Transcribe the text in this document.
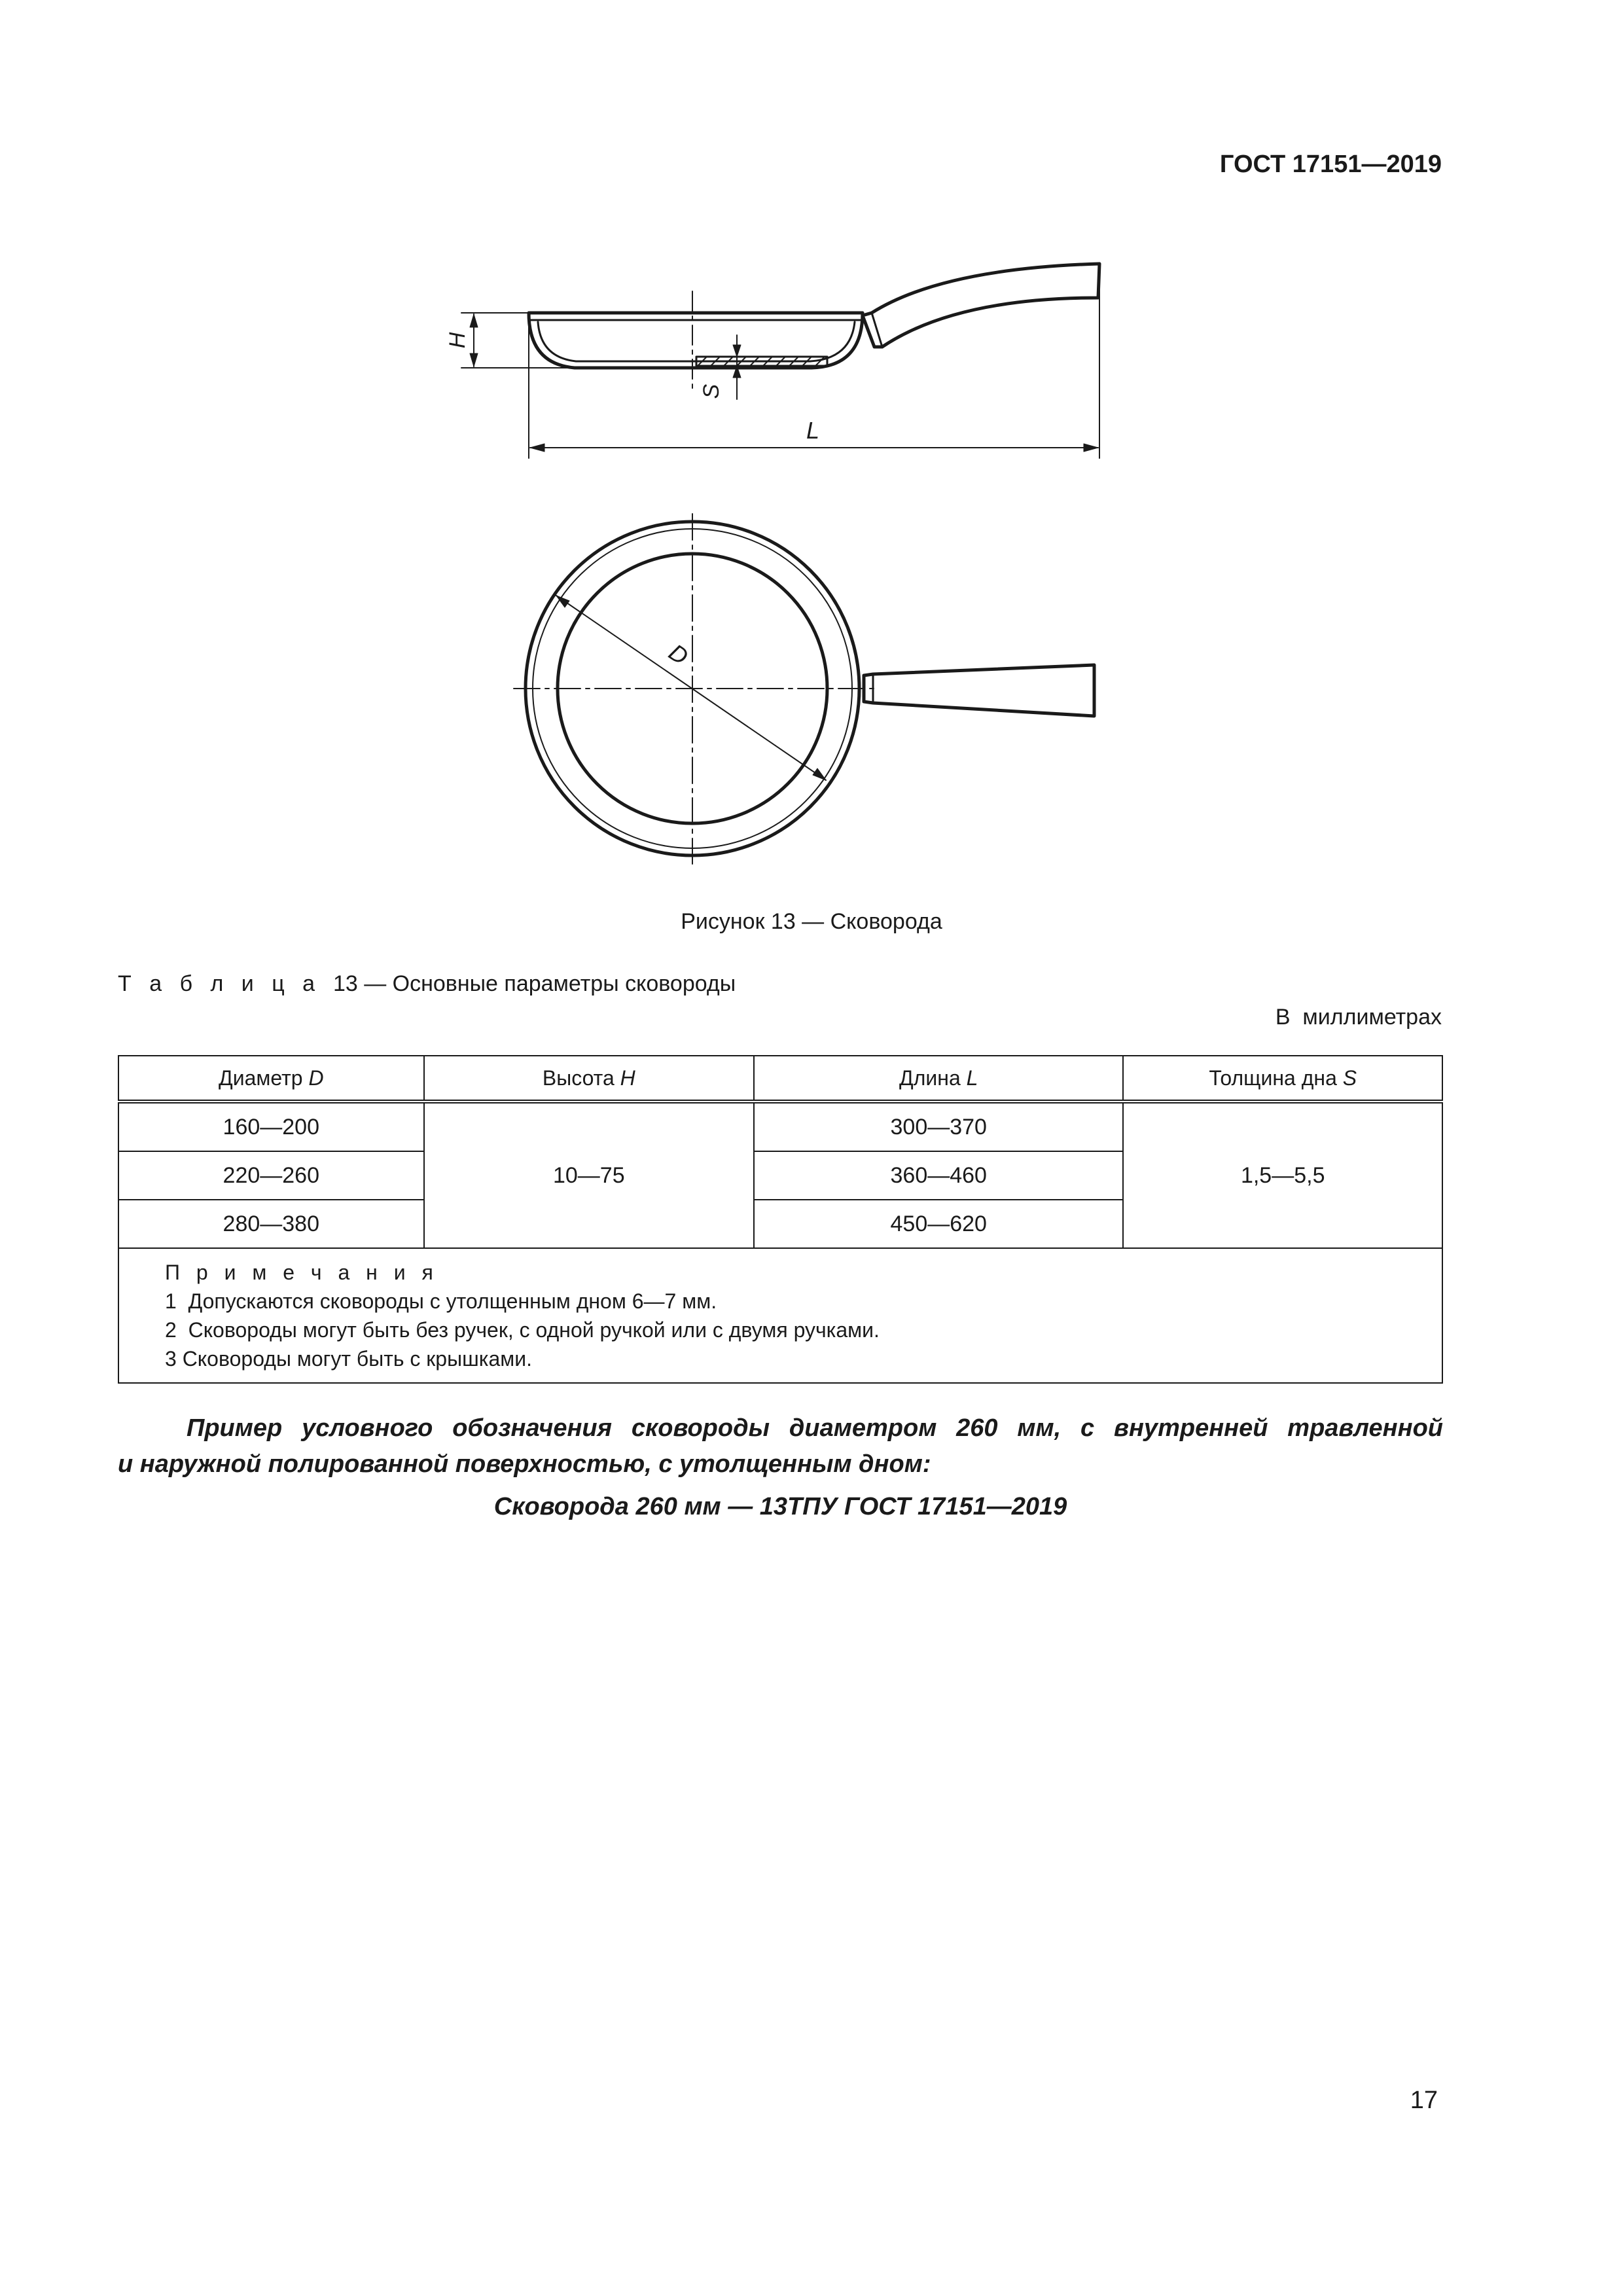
ГОСТ 17151—2019
H
S
L
D
Рисунок 13 — Сковорода
Т а б л и ц а  13 — Основные параметры сковороды
В  миллиметрах
Диаметр D	Высота H	Длина L	Толщина дна S
160—200	10—75	300—370	1,5—5,5
220—260		360—460	
280—380		450—620	

П р и м е ч а н и я
1  Допускаются сковороды с утолщенным дном 6—7 мм.
2  Сковороды могут быть без ручек, с одной ручкой или с двумя ручками.
3 Сковороды могут быть с крышками.			

Пример условного обозначения сковороды диаметром 260 мм, с внутренней травленной

и наружной полированной поверхностью, с утолщенным дном:

Сковорода 260 мм — 13ТПУ ГОСТ 17151—2019

17
